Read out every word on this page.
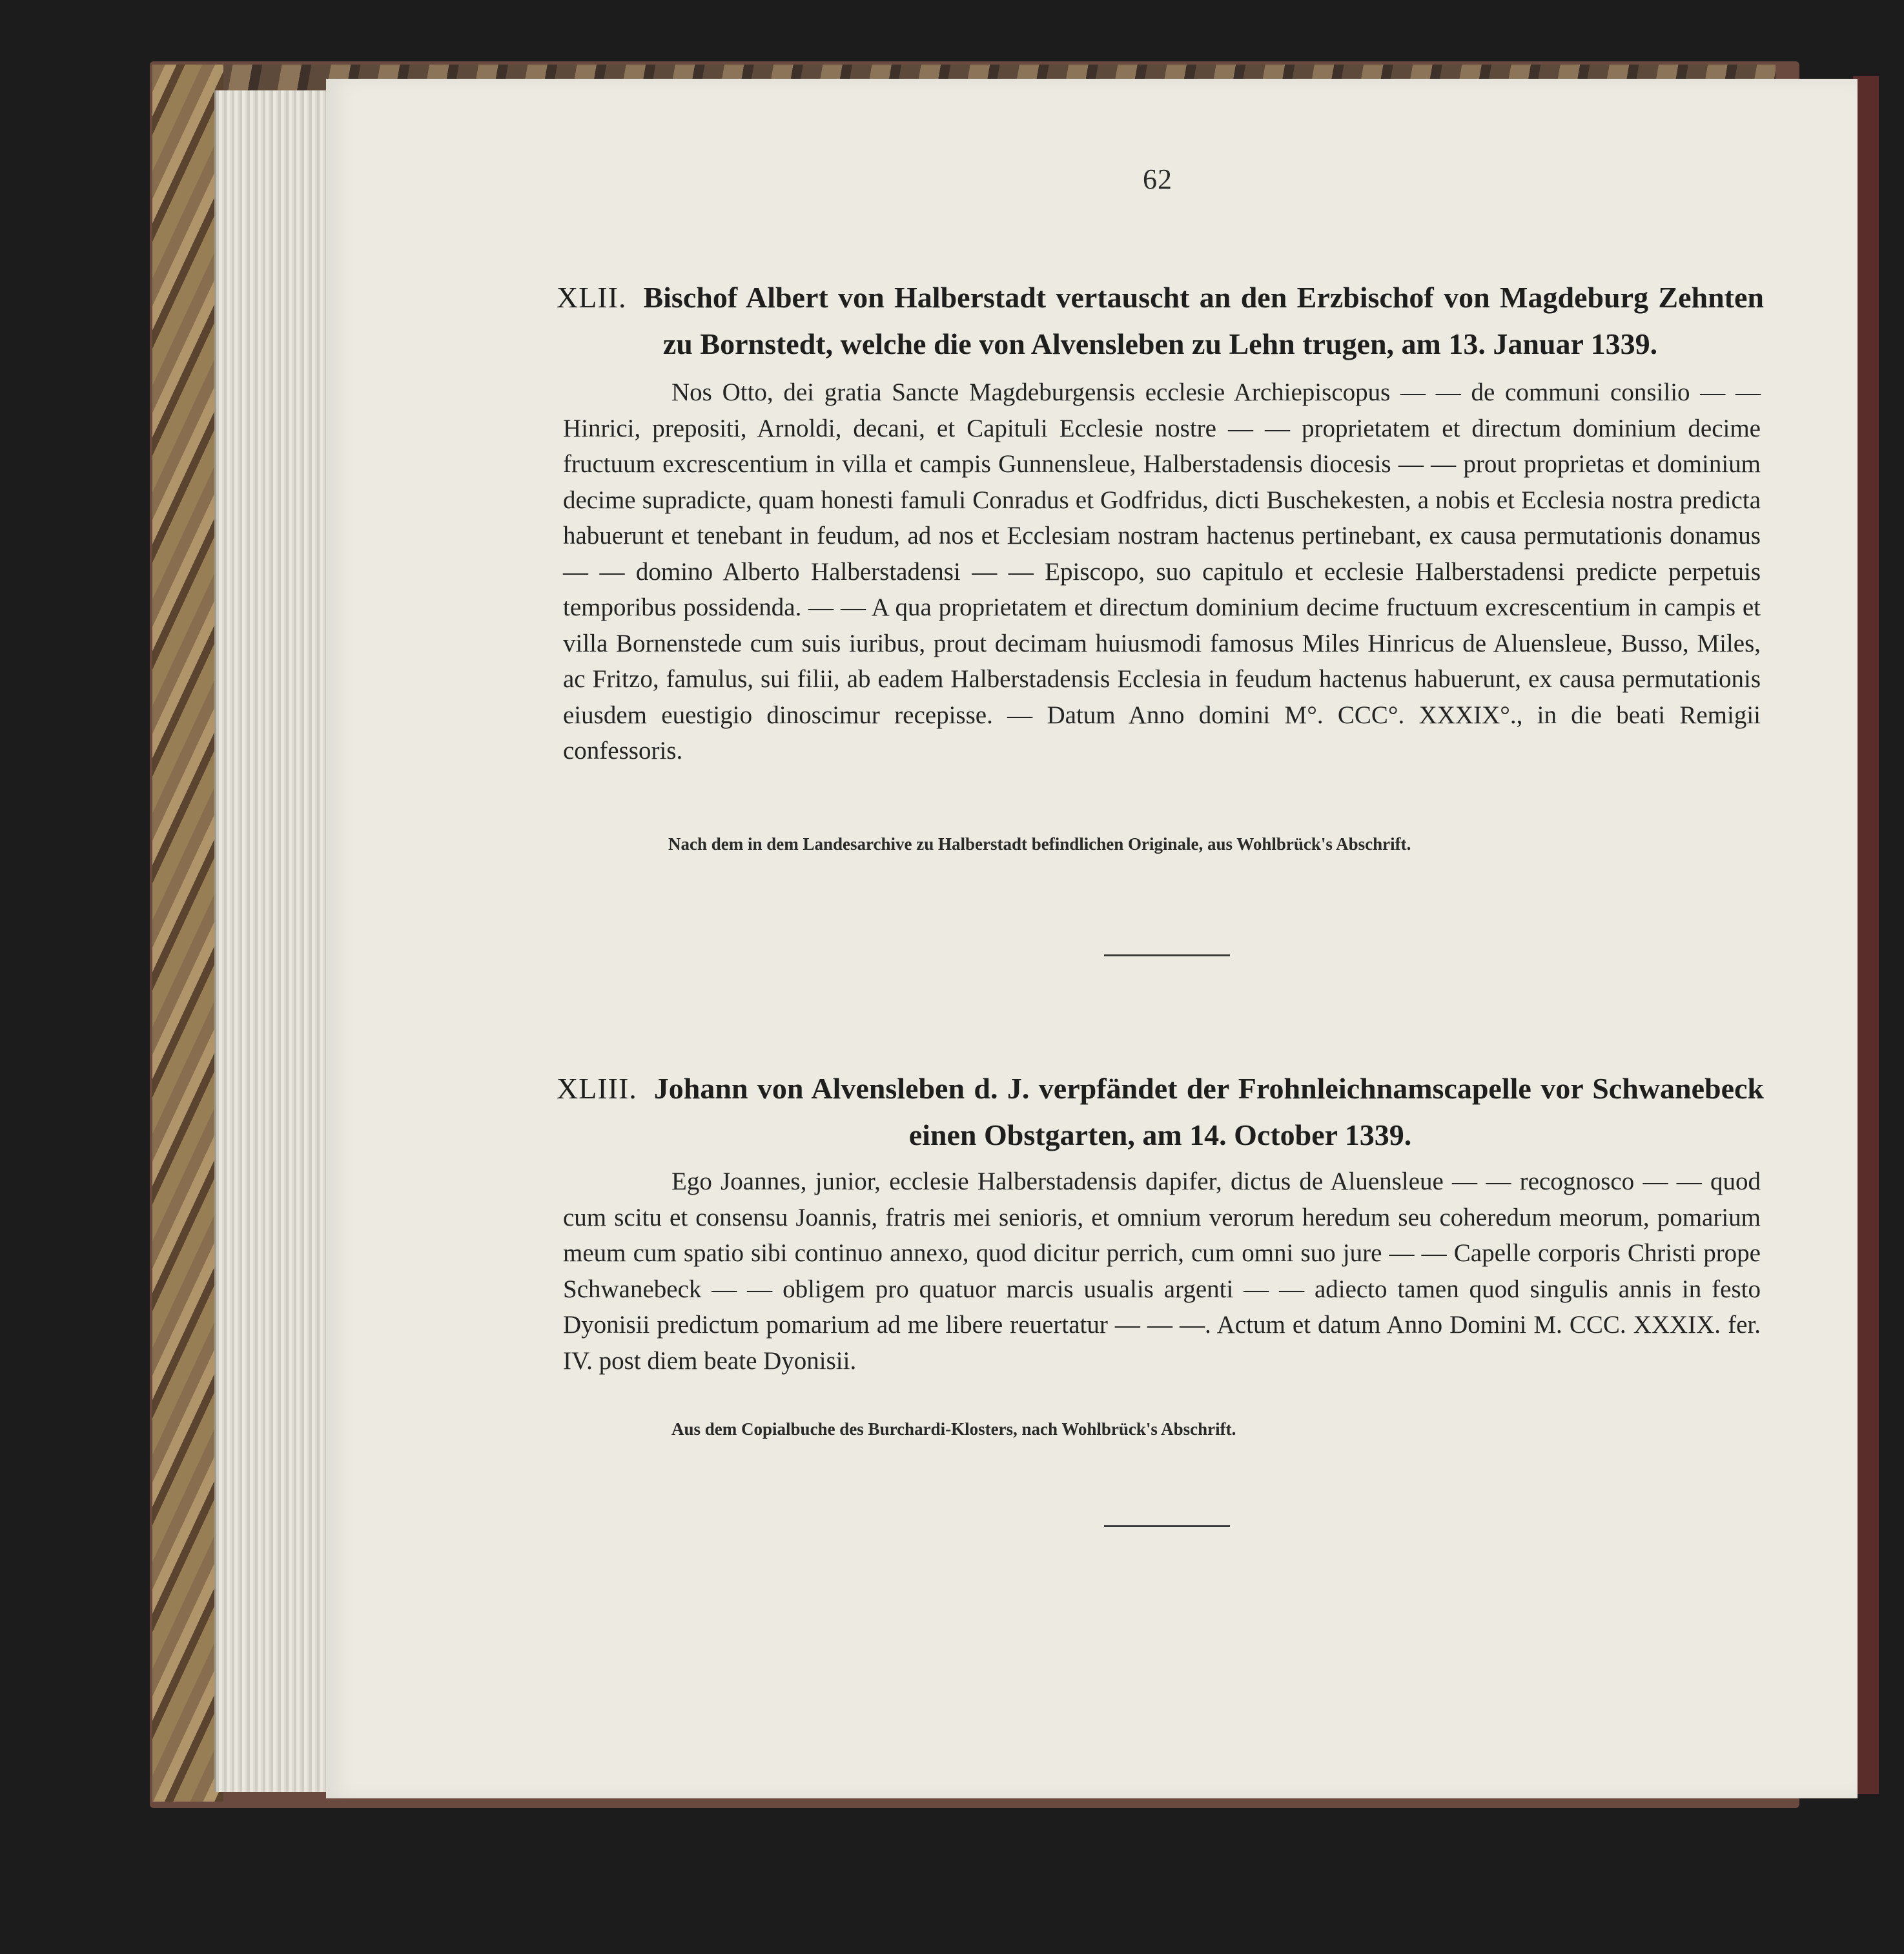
62
XLII. Bischof Albert von Halberstadt vertauscht an den Erzbischof von Magdeburg Zehnten
zu Bornstedt, welche die von Alvensleben zu Lehn trugen, am 13. Januar 1339.

Nos Otto, dei gratia Sancte Magdeburgensis ecclesie Archiepiscopus — — de communi consilio — — Hinrici, prepositi, Arnoldi, decani, et Capituli Ecclesie nostre — — proprietatem et directum dominium decime fructuum excrescentium in villa et campis Gunnensleue, Halberstadensis diocesis — — prout proprietas et dominium decime supradicte, quam honesti famuli Conradus et Godfridus, dicti Buschekesten, a nobis et Ecclesia nostra predicta habuerunt et tenebant in feudum, ad nos et Ecclesiam nostram hactenus pertinebant, ex causa permutationis donamus — — domino Alberto Halberstadensi — — Episcopo, suo capitulo et ecclesie Halberstadensi predicte perpetuis temporibus possidenda. — — A qua proprietatem et directum dominium decime fructuum excrescentium in campis et villa Bornenstede cum suis iuribus, prout decimam huiusmodi famosus Miles Hinricus de Aluensleue, Busso, Miles, ac Fritzo, famulus, sui filii, ab eadem Halberstadensis Ecclesia in feudum hactenus habuerunt, ex causa permutationis eiusdem euestigio dinoscimur recepisse. — Datum Anno domini M°. CCC°. XXXIX°., in die beati Remigii confessoris.

Nach dem in dem Landesarchive zu Halberstadt befindlichen Originale, aus Wohlbrück's Abschrift.
XLIII. Johann von Alvensleben d. J. verpfändet der Frohnleichnamscapelle vor Schwanebeck
einen Obstgarten, am 14. October 1339.

Ego Joannes, junior, ecclesie Halberstadensis dapifer, dictus de Aluensleue — — recognosco — — quod cum scitu et consensu Joannis, fratris mei senioris, et omnium verorum heredum seu coheredum meorum, pomarium meum cum spatio sibi continuo annexo, quod dicitur perrich, cum omni suo jure — — Capelle corporis Christi prope Schwanebeck — — obligem pro quatuor marcis usualis argenti — — adiecto tamen quod singulis annis in festo Dyonisii predictum pomarium ad me libere reuertatur — — —. Actum et datum Anno Domini M. CCC. XXXIX. fer. IV. post diem beate Dyonisii.

Aus dem Copialbuche des Burchardi-Klosters, nach Wohlbrück's Abschrift.
